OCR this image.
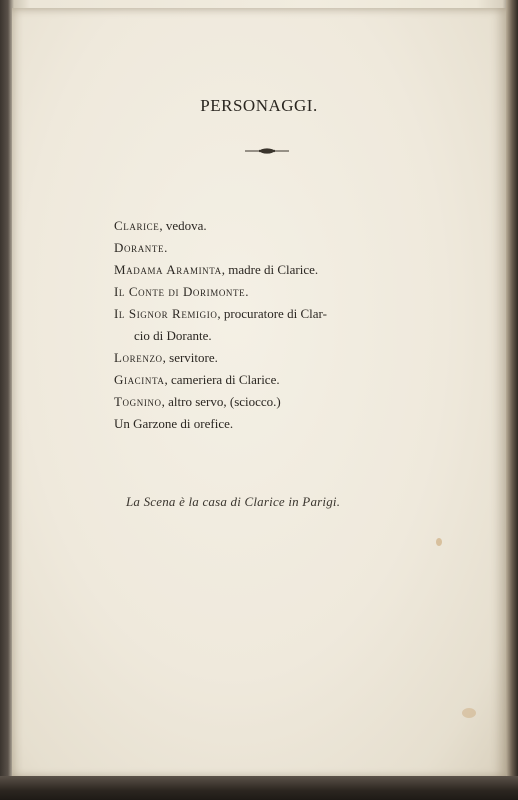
PERSONAGGI.
Clarice, vedova.
Dorante.
Madama Araminta, madre di Clarice.
Il Conte di Dorimonte.
Il Signor Remigio, procuratore di Clar-
cio di Dorante.
Lorenzo, servitore.
Giacinta, cameriera di Clarice.
Tognino, altro servo, (sciocco.)
Un Garzone di orefice.
La Scena è la casa di Clarice in Parigi.
